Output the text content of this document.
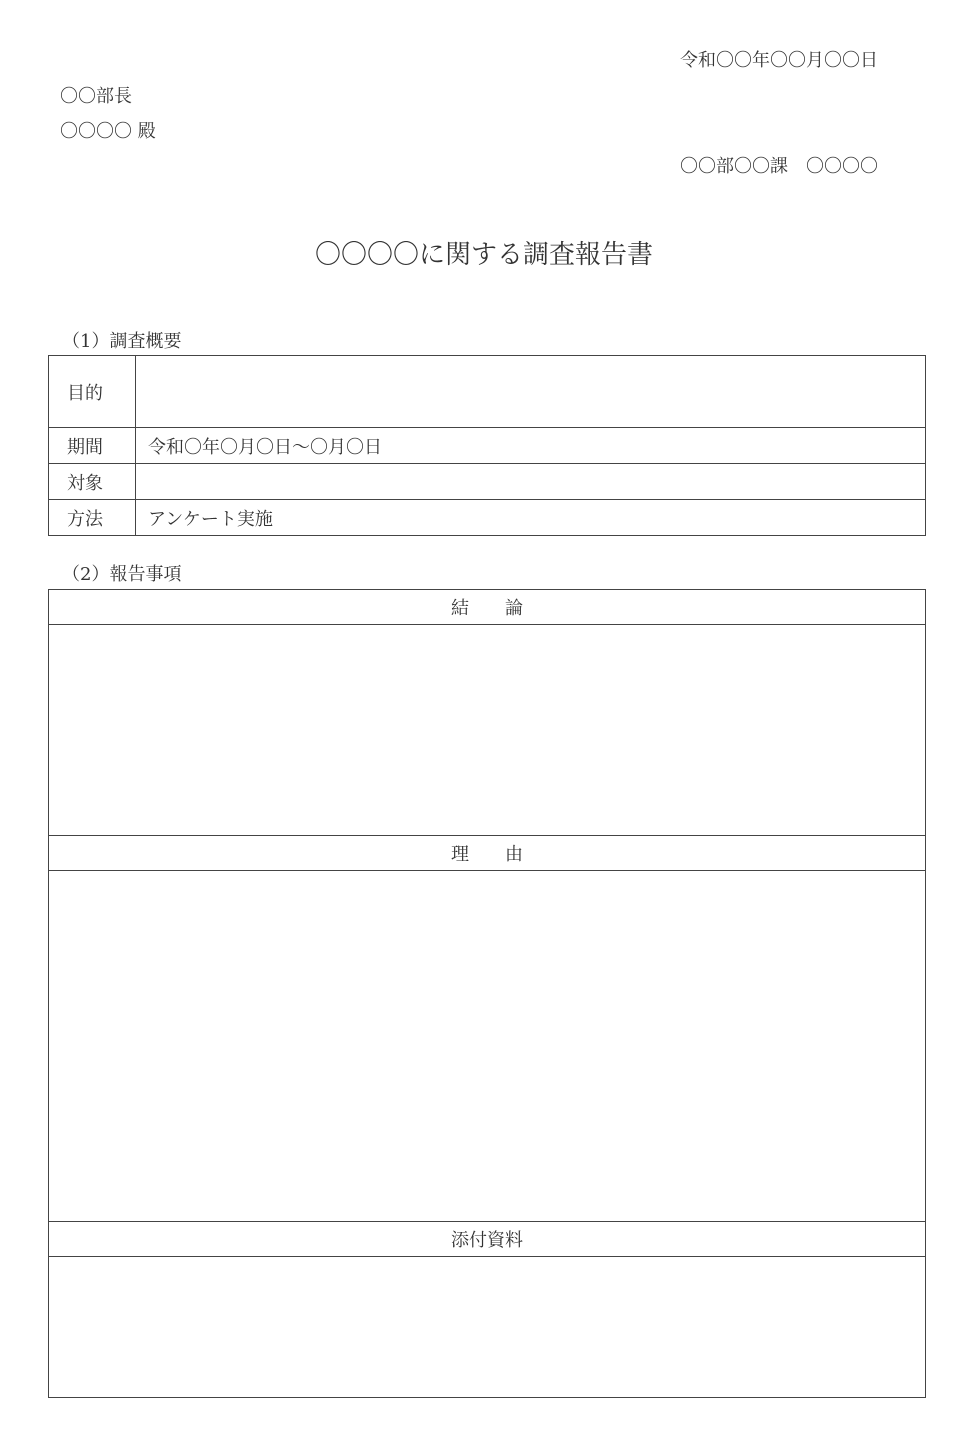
令和〇〇年〇〇月〇〇日
〇〇部長
〇〇〇〇 殿
〇〇部〇〇課　〇〇〇〇
〇〇〇〇に関する調査報告書
（1）調査概要
目的	
期間	令和〇年〇月〇日～〇月〇日
対象	
方法	アンケート実施
（2）報告事項
結　　論

理　　由

添付資料
